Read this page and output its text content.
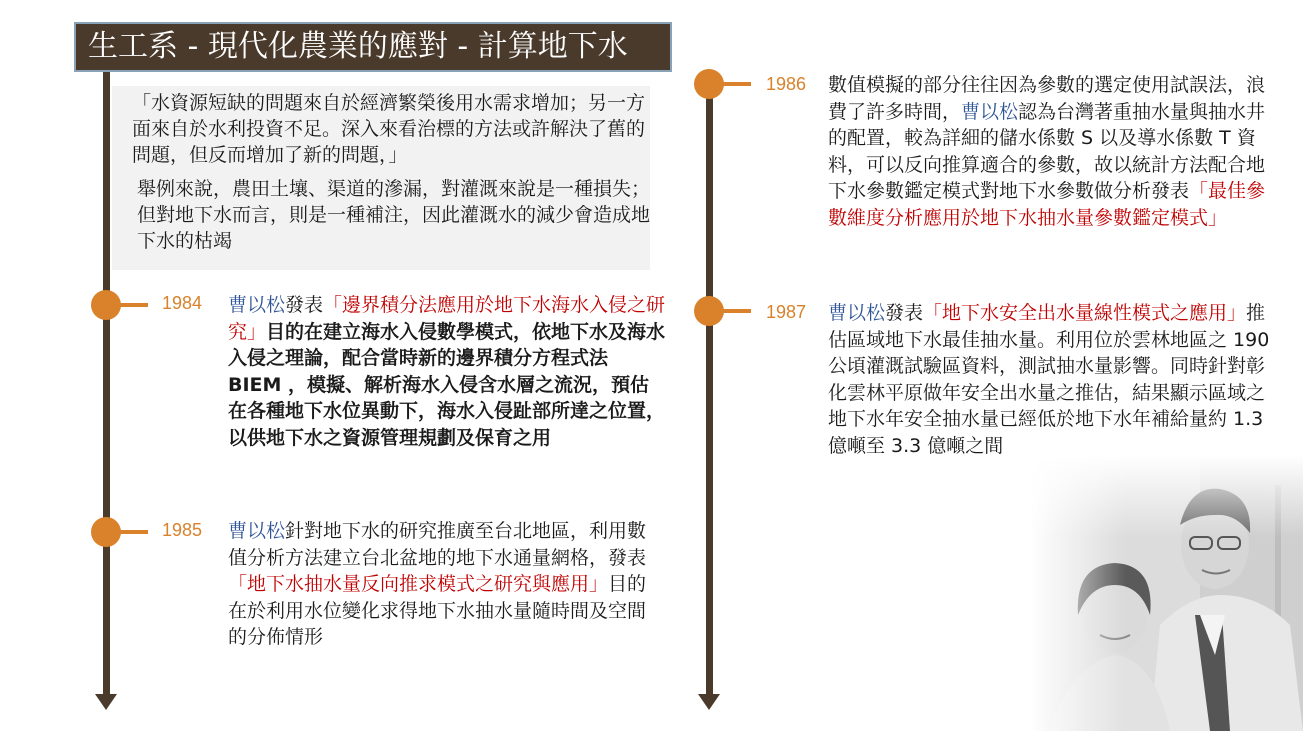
生工系 - 現代化農業的應對 - 計算地下水

「水資源短缺的問題來自於經濟繁榮後用水需求增加；另一方面來自於水利投資不足。深入來看治標的方法或許解決了舊的問題，但反而增加了新的問題，」

舉例來說，農田土壤、渠道的滲漏，對灌溉來說是一種損失；但對地下水而言，則是一種補注，因此灌溉水的減少會造成地下水的枯竭

1984 曹以松發表「邊界積分法應用於地下水海水入侵之研究」目的在建立海水入侵數學模式，依地下水及海水入侵之理論，配合當時新的邊界積分方程式法 BIEM ，模擬、解析海水入侵含水層之流況，預估在各種地下水位異動下，海水入侵趾部所達之位置，以供地下水之資源管理規劃及保育之用

1985 曹以松針對地下水的研究推廣至台北地區，利用數值分析方法建立台北盆地的地下水通量網格，發表「地下水抽水量反向推求模式之研究與應用」目的在於利用水位變化求得地下水抽水量隨時間及空間的分佈情形

1986 數值模擬的部分往往因為參數的選定使用試誤法，浪費了許多時間，曹以松認為台灣著重抽水量與抽水井的配置，較為詳細的儲水係數 S 以及導水係數 T 資料，可以反向推算適合的參數，故以統計方法配合地下水參數鑑定模式對地下水參數做分析發表「最佳參數維度分析應用於地下水抽水量參數鑑定模式」

1987 曹以松發表「地下水安全出水量線性模式之應用」推估區域地下水最佳抽水量。利用位於雲林地區之 190 公頃灌溉試驗區資料，測試抽水量影響。同時針對彰化雲林平原做年安全出水量之推估，結果顯示區域之地下水年安全抽水量已經低於地下水年補給量約 1.3 億噸至 3.3 億噸之間
